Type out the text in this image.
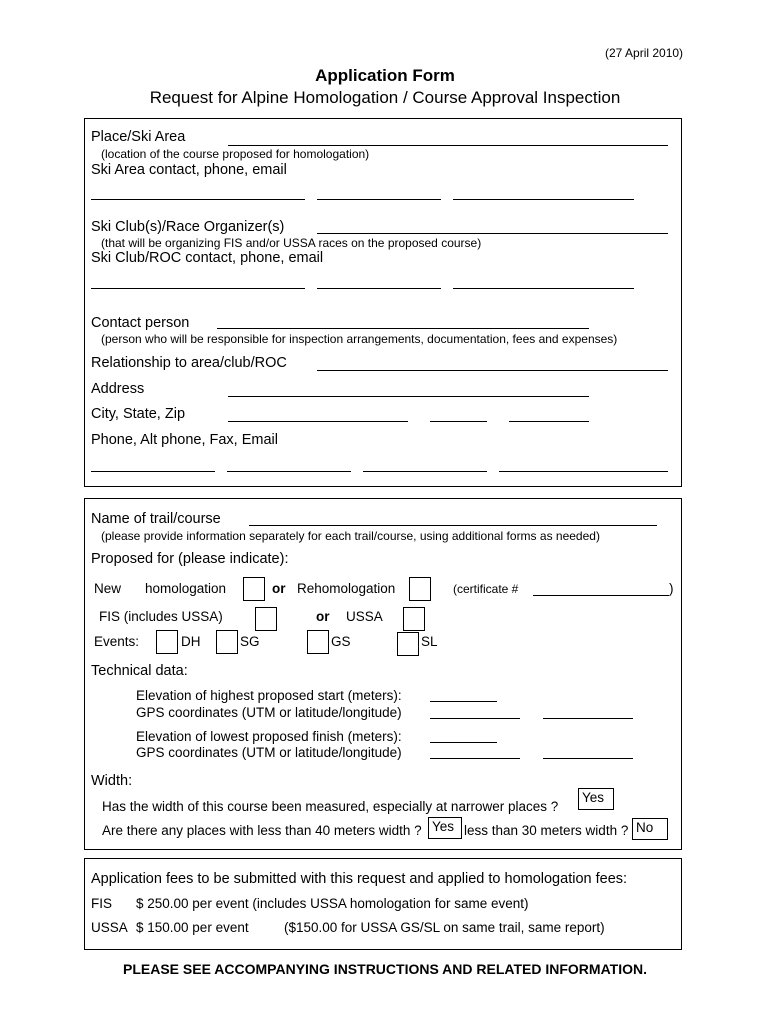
(27 April 2010)
Application Form
Request for Alpine Homologation / Course Approval Inspection
Place/Ski Area
(location of the course proposed for homologation)
Ski Area contact, phone, email
Ski Club(s)/Race Organizer(s)
(that will be organizing FIS and/or USSA races on the proposed course)
Ski Club/ROC contact, phone, email
Contact person
(person who will be responsible for inspection arrangements, documentation, fees and expenses)
Relationship to area/club/ROC
Address
City, State, Zip
Phone, Alt phone, Fax, Email
Name of trail/course
(please provide information separately for each trail/course, using additional forms as needed)
Proposed for (please indicate):
New homologation	or Rehomologation	(certificate #	)
FIS (includes USSA)	or USSA
Events:	DH	SG	GS	SL
Technical data:
Elevation of highest proposed start (meters):
GPS coordinates (UTM or latitude/longitude)
Elevation of lowest proposed finish (meters):
GPS coordinates (UTM or latitude/longitude)
Width:
Has the width of this course been measured, especially at narrower places ?
Yes
Are there any places with less than 40 meters width ? Yes less than 30 meters width ? No
Application fees to be submitted with this request and applied to homologation fees:
FIS $ 250.00 per event (includes USSA homologation for same event)
USSA $ 150.00 per event	($150.00 for USSA GS/SL on same trail, same report)
PLEASE SEE ACCOMPANYING INSTRUCTIONS AND RELATED INFORMATION.
